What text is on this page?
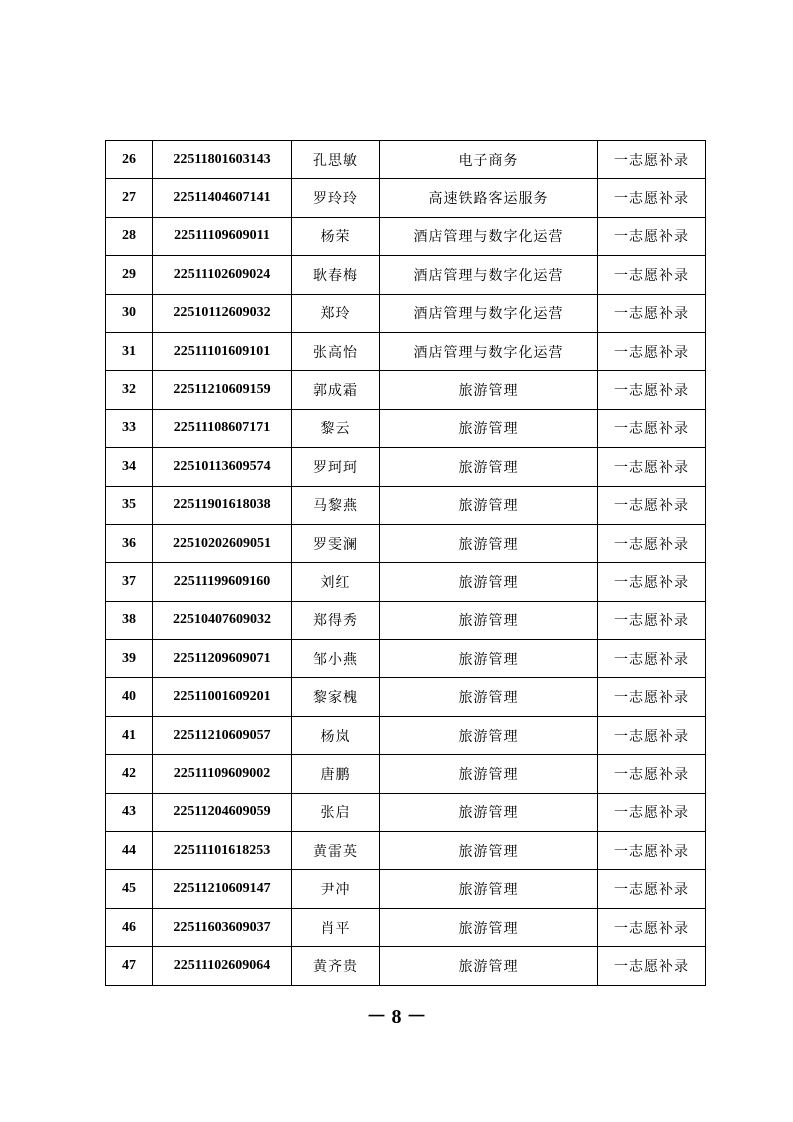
26	22511801603143	孔思敏	电子商务	一志愿补录
27	22511404607141	罗玲玲	高速铁路客运服务	一志愿补录
28	22511109609011	杨荣	酒店管理与数字化运营	一志愿补录
29	22511102609024	耿春梅	酒店管理与数字化运营	一志愿补录
30	22510112609032	郑玲	酒店管理与数字化运营	一志愿补录
31	22511101609101	张高怡	酒店管理与数字化运营	一志愿补录
32	22511210609159	郭成霜	旅游管理	一志愿补录
33	22511108607171	黎云	旅游管理	一志愿补录
34	22510113609574	罗珂珂	旅游管理	一志愿补录
35	22511901618038	马黎燕	旅游管理	一志愿补录
36	22510202609051	罗雯澜	旅游管理	一志愿补录
37	22511199609160	刘红	旅游管理	一志愿补录
38	22510407609032	郑得秀	旅游管理	一志愿补录
39	22511209609071	邹小燕	旅游管理	一志愿补录
40	22511001609201	黎家槐	旅游管理	一志愿补录
41	22511210609057	杨岚	旅游管理	一志愿补录
42	22511109609002	唐鹏	旅游管理	一志愿补录
43	22511204609059	张启	旅游管理	一志愿补录
44	22511101618253	黄雷英	旅游管理	一志愿补录
45	22511210609147	尹冲	旅游管理	一志愿补录
46	22511603609037	肖平	旅游管理	一志愿补录
47	22511102609064	黄齐贵	旅游管理	一志愿补录
－ 8 －
